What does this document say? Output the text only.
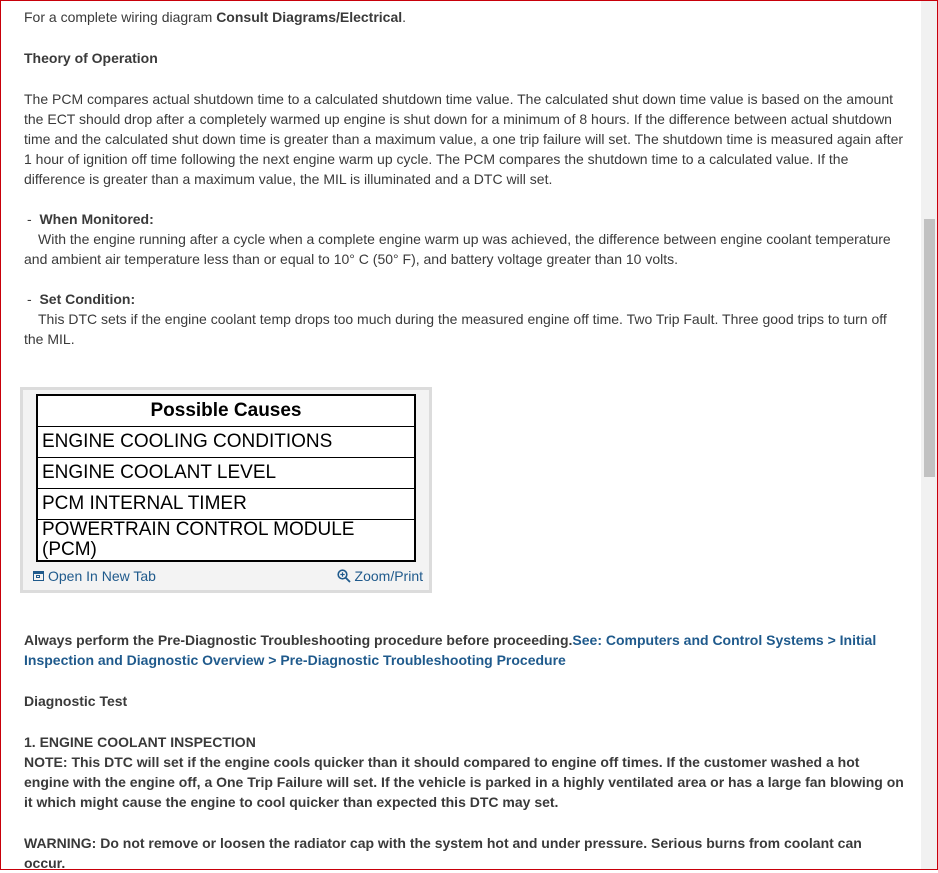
For a complete wiring diagram Consult Diagrams/Electrical.

Theory of Operation

The PCM compares actual shutdown time to a calculated shutdown time value. The calculated shut down time value is based on the amount the ECT should drop after a completely warmed up engine is shut down for a minimum of 8 hours. If the difference between actual shutdown time and the calculated shut down time is greater than a maximum value, a one trip failure will set. The shutdown time is measured again after 1 hour of ignition off time following the next engine warm up cycle. The PCM compares the shutdown time to a calculated value. If the difference is greater than a maximum value, the MIL is illuminated and a DTC will set.

- When Monitored:

With the engine running after a cycle when a complete engine warm up was achieved, the difference between engine coolant temperature and ambient air temperature less than or equal to 10° C (50° F), and battery voltage greater than 10 volts.

- Set Condition:

This DTC sets if the engine coolant temp drops too much during the measured engine off time. Two Trip Fault. Three good trips to turn off the MIL.

Possible Causes
ENGINE COOLING CONDITIONS
ENGINE COOLANT LEVEL
PCM INTERNAL TIMER
POWERTRAIN CONTROL MODULE (PCM)
Open In New Tab	Zoom/Print

Always perform the Pre-Diagnostic Troubleshooting procedure before proceeding.See: Computers and Control Systems > Initial Inspection and Diagnostic Overview > Pre-Diagnostic Troubleshooting Procedure

Diagnostic Test

1. ENGINE COOLANT INSPECTION

NOTE: This DTC will set if the engine cools quicker than it should compared to engine off times. If the customer washed a hot engine with the engine off, a One Trip Failure will set. If the vehicle is parked in a highly ventilated area or has a large fan blowing on it which might cause the engine to cool quicker than expected this DTC may set.

WARNING: Do not remove or loosen the radiator cap with the system hot and under pressure. Serious burns from coolant can occur.
